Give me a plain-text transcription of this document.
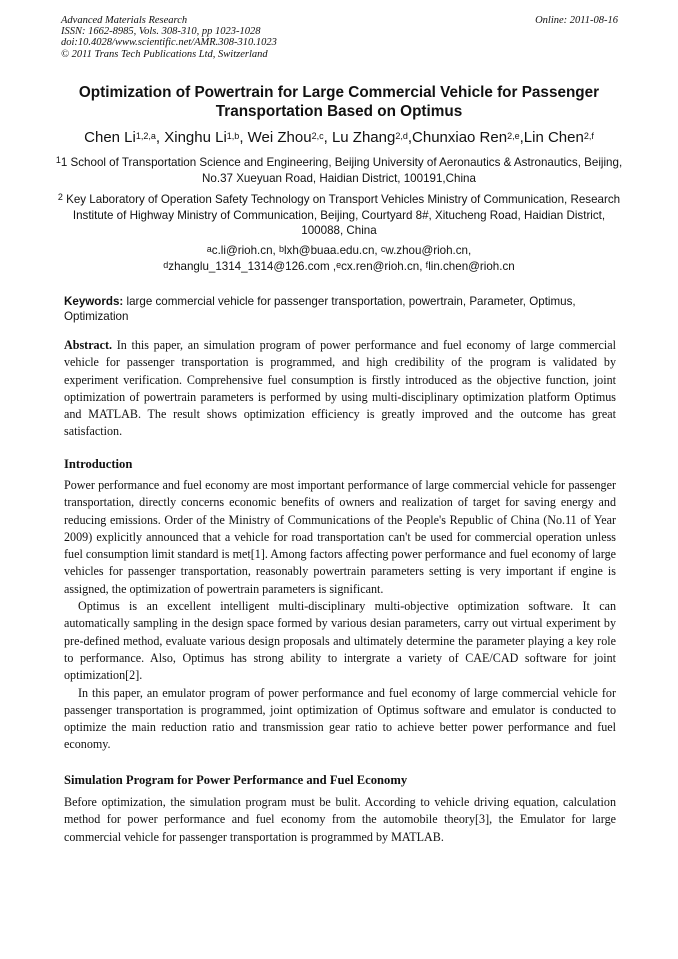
Advanced Materials Research
ISSN: 1662-8985, Vols. 308-310, pp 1023-1028
doi:10.4028/www.scientific.net/AMR.308-310.1023
© 2011 Trans Tech Publications Ltd, Switzerland
Online: 2011-08-16
Optimization of Powertrain for Large Commercial Vehicle for Passenger Transportation Based on Optimus
Chen Li$^{1,2,a}$, Xinghu Li$^{1,b}$, Wei Zhou$^{2,c}$, Lu Zhang$^{2,d}$,Chunxiao Ren$^{2,e}$,Lin Chen$^{2,f}$
$^1$1 School of Transportation Science and Engineering, Beijing University of Aeronautics & Astronautics, Beijing, No.37 Xueyuan Road, Haidian District, 100191,China
$^2$ Key Laboratory of Operation Safety Technology on Transport Vehicles Ministry of Communication, Research Institute of Highway Ministry of Communication, Beijing, Courtyard 8#, Xitucheng Road, Haidian District, 100088, China
$^a$c.li@rioh.cn, $^b$lxh@buaa.edu.cn, $^c$w.zhou@rioh.cn,
$^d$zhanglu_1314_1314@126.com ,$^e$cx.ren@rioh.cn, $^f$lin.chen@rioh.cn
Keywords: large commercial vehicle for passenger transportation, powertrain, Parameter, Optimus, Optimization
Abstract. In this paper, an simulation program of power performance and fuel economy of large commercial vehicle for passenger transportation is programmed, and high credibility of the program is validated by experiment verification. Comprehensive fuel consumption is firstly introduced as the objective function, joint optimization of powertrain parameters is performed by using multi-disciplinary optimization platform Optimus and MATLAB. The result shows optimization efficiency is greatly improved and the outcome has great satisfaction.
Introduction

Power performance and fuel economy are most important performance of large commercial vehicle for passenger transportation, directly concerns economic benefits of owners and realization of target for saving energy and reducing emissions. Order of the Ministry of Communications of the People's Republic of China (No.11 of Year 2009) explicitly announced that a vehicle for road transportation can't be used for commercial operation unless fuel consumption limit standard is met[1]. Among factors affecting power performance and fuel economy of large vehicles for passenger transportation, reasonably powertrain parameters setting is very important if engine is assigned, the optimization of powertrain parameters is significant.

Optimus is an excellent intelligent multi-disciplinary multi-objective optimization software. It can automatically sampling in the design space formed by various desian parameters, carry out virtual experiment by pre-defined method, evaluate various design proposals and ultimately determine the parameter playing a key role to performance. Also, Optimus has strong ability to intergrate a variety of CAE/CAD software for joint optimization[2].

In this paper, an emulator program of power performance and fuel economy of large commercial vehicle for passenger transportation is programmed, joint optimization of Optimus software and emulator is conducted to optimize the main reduction ratio and transmission gear ratio to achieve better power performance and fuel economy.

Simulation Program for Power Performance and Fuel Economy

Before optimization, the simulation program must be bulit. According to vehicle driving equation, calculation method for power performance and fuel economy from the automobile theory[3], the Emulator for large commercial vehicle for passenger transportation is programmed by MATLAB.
